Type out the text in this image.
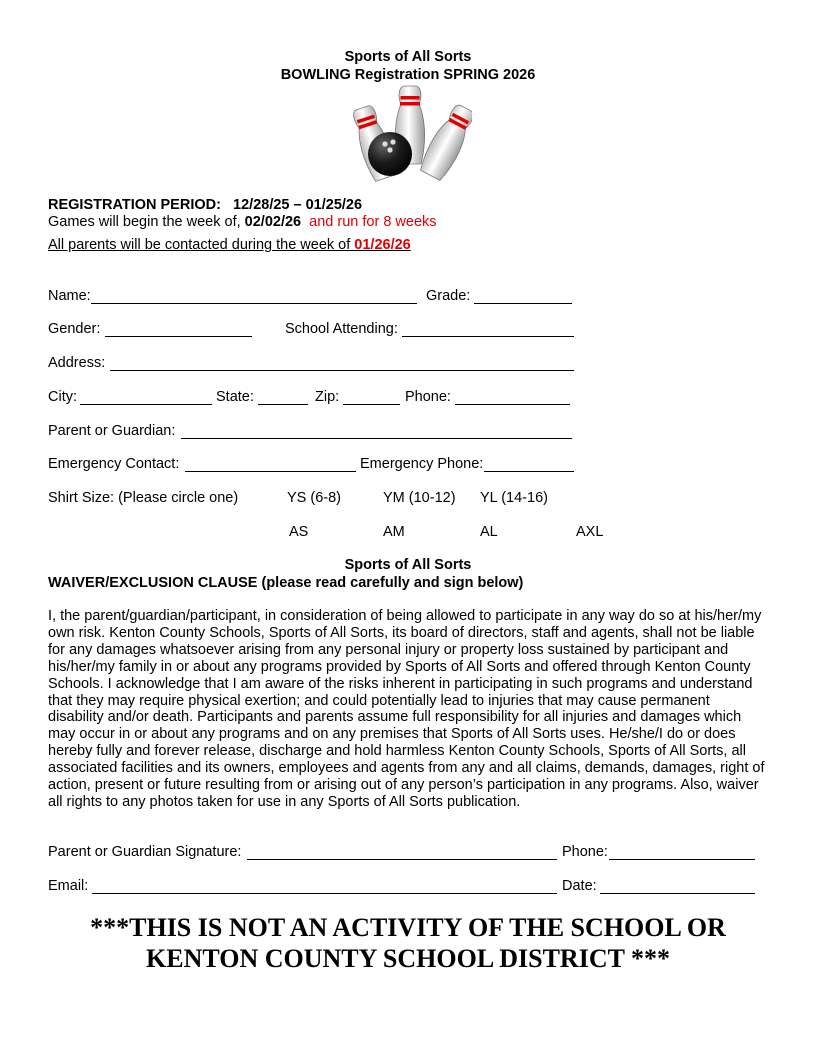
Sports of All Sorts
BOWLING Registration SPRING 2026
REGISTRATION PERIOD: 12/28/25 – 01/25/26
Games will begin the week of, 02/02/26 and run for 8 weeks
All parents will be contacted during the week of 01/26/26
Name:	Grade:
Gender:	School Attending:
Address:
City:	State:	Zip:	Phone:
Parent or Guardian:
Emergency Contact:	Emergency Phone:
Shirt Size: (Please circle one)	YS (6-8)	YM (10-12) YL (14-16)
AS	AM	AL	AXL
Sports of All Sorts
WAIVER/EXCLUSION CLAUSE (please read carefully and sign below)
I, the parent/guardian/participant, in consideration of being allowed to participate in any way do so at his/her/my own risk. Kenton County Schools, Sports of All Sorts, its board of directors, staff and agents, shall not be liable for any damages whatsoever arising from any personal injury or property loss sustained by participant and his/her/my family in or about any programs provided by Sports of All Sorts and offered through Kenton County Schools. I acknowledge that I am aware of the risks inherent in participating in such programs and understand that they may require physical exertion; and could potentially lead to injuries that may cause permanent disability and/or death. Participants and parents assume full responsibility for all injuries and damages which may occur in or about any programs and on any premises that Sports of All Sorts uses. He/she/I do or does hereby fully and forever release, discharge and hold harmless Kenton County Schools, Sports of All Sorts, all associated facilities and its owners, employees and agents from any and all claims, demands, damages, right of action, present or future resulting from or arising out of any person’s participation in any programs. Also, waiver all rights to any photos taken for use in any Sports of All Sorts publication.
Parent or Guardian Signature:	Phone:
Email:	Date:
***THIS IS NOT AN ACTIVITY OF THE SCHOOL OR
KENTON COUNTY SCHOOL DISTRICT ***
